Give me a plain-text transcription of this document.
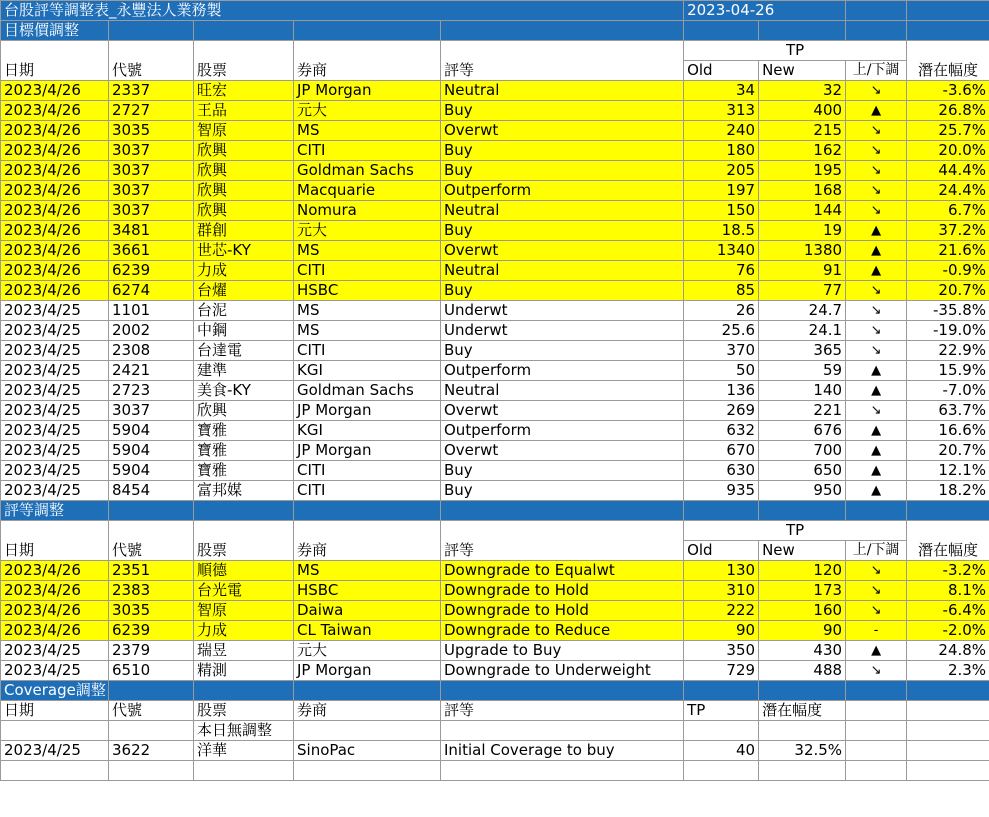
台股評等調整表_永豐法人業務製					2023-04-26			
目標價調整								
日期	代號	股票	券商	評等	TP			潛在幅度
					Old	New	上/下調	
2023/4/26	2337	旺宏	JP Morgan	Neutral	34	32	↘	-3.6%
2023/4/26	2727	王品	元大	Buy	313	400	▲	26.8%
2023/4/26	3035	智原	MS	Overwt	240	215	↘	25.7%
2023/4/26	3037	欣興	CITI	Buy	180	162	↘	20.0%
2023/4/26	3037	欣興	Goldman Sachs	Buy	205	195	↘	44.4%
2023/4/26	3037	欣興	Macquarie	Outperform	197	168	↘	24.4%
2023/4/26	3037	欣興	Nomura	Neutral	150	144	↘	6.7%
2023/4/26	3481	群創	元大	Buy	18.5	19	▲	37.2%
2023/4/26	3661	世芯-KY	MS	Overwt	1340	1380	▲	21.6%
2023/4/26	6239	力成	CITI	Neutral	76	91	▲	-0.9%
2023/4/26	6274	台燿	HSBC	Buy	85	77	↘	20.7%
2023/4/25	1101	台泥	MS	Underwt	26	24.7	↘	-35.8%
2023/4/25	2002	中鋼	MS	Underwt	25.6	24.1	↘	-19.0%
2023/4/25	2308	台達電	CITI	Buy	370	365	↘	22.9%
2023/4/25	2421	建準	KGI	Outperform	50	59	▲	15.9%
2023/4/25	2723	美食-KY	Goldman Sachs	Neutral	136	140	▲	-7.0%
2023/4/25	3037	欣興	JP Morgan	Overwt	269	221	↘	63.7%
2023/4/25	5904	寶雅	KGI	Outperform	632	676	▲	16.6%
2023/4/25	5904	寶雅	JP Morgan	Overwt	670	700	▲	20.7%
2023/4/25	5904	寶雅	CITI	Buy	630	650	▲	12.1%
2023/4/25	8454	富邦媒	CITI	Buy	935	950	▲	18.2%
評等調整								
日期	代號	股票	券商	評等	TP			潛在幅度
					Old	New	上/下調	
2023/4/26	2351	順德	MS	Downgrade to Equalwt	130	120	↘	-3.2%
2023/4/26	2383	台光電	HSBC	Downgrade to Hold	310	173	↘	8.1%
2023/4/26	3035	智原	Daiwa	Downgrade to Hold	222	160	↘	-6.4%
2023/4/26	6239	力成	CL Taiwan	Downgrade to Reduce	90	90	-	-2.0%
2023/4/25	2379	瑞昱	元大	Upgrade to Buy	350	430	▲	24.8%
2023/4/25	6510	精測	JP Morgan	Downgrade to Underweight	729	488	↘	2.3%
Coverage調整								
日期	代號	股票	券商	評等	TP	潛在幅度		
		本日無調整						
2023/4/25	3622	洋華	SinoPac	Initial Coverage to buy	40	32.5%		
